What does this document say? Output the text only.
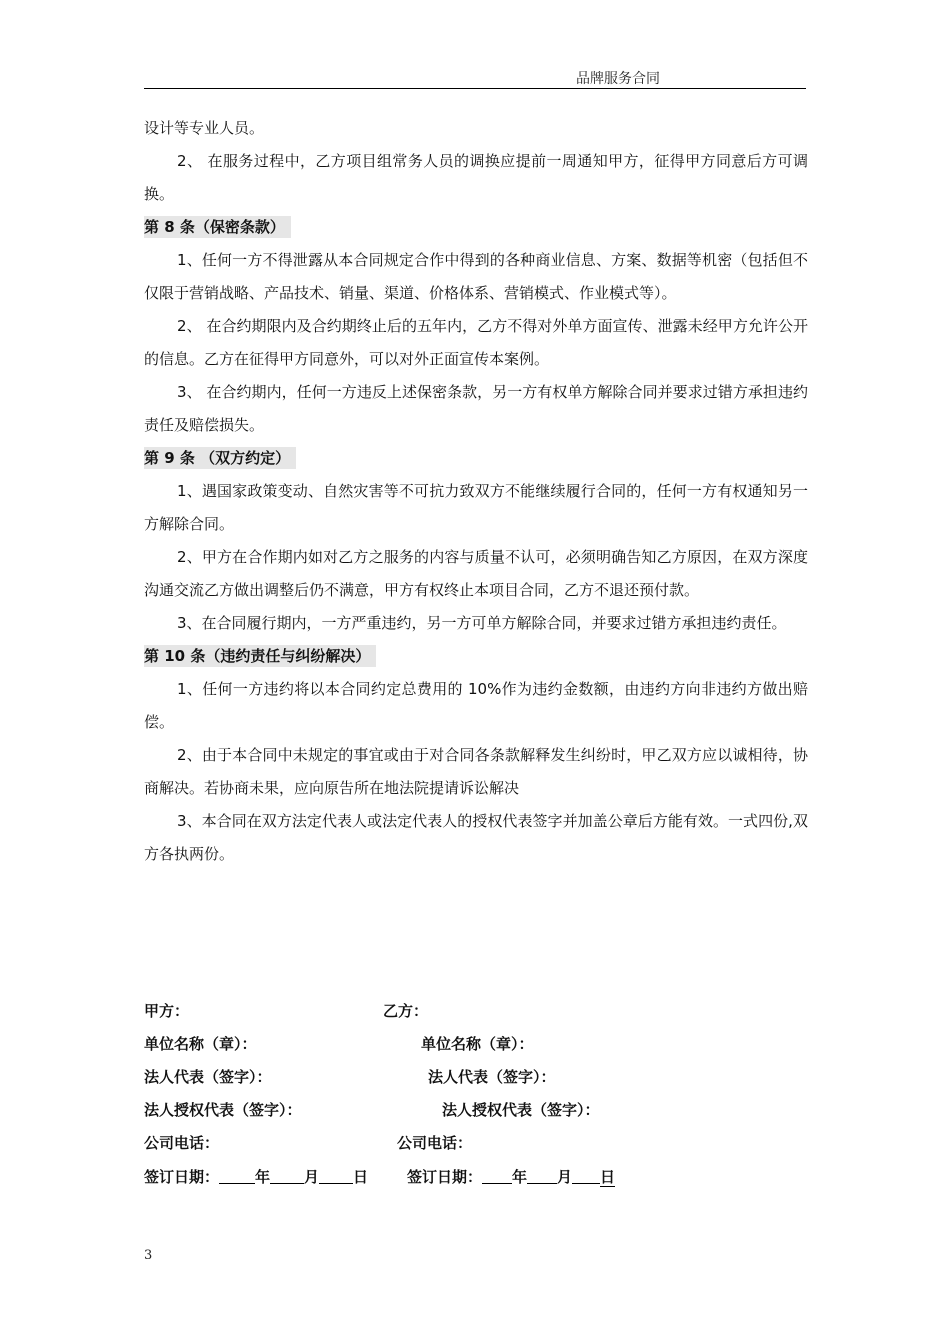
品牌服务合同

设计等专业人员。

2、 在服务过程中，乙方项目组常务人员的调换应提前一周通知甲方，征得甲方同意后方可调换。

第 8 条（保密条款）

1、任何一方不得泄露从本合同规定合作中得到的各种商业信息、方案、数据等机密（包括但不仅限于营销战略、产品技术、销量、渠道、价格体系、营销模式、作业模式等）。

2、 在合约期限内及合约期终止后的五年内，乙方不得对外单方面宣传、泄露未经甲方允许公开的信息。乙方在征得甲方同意外，可以对外正面宣传本案例。

3、 在合约期内，任何一方违反上述保密条款，另一方有权单方解除合同并要求过错方承担违约责任及赔偿损失。

第 9 条 （双方约定）

1、遇国家政策变动、自然灾害等不可抗力致双方不能继续履行合同的，任何一方有权通知另一方解除合同。

2、甲方在合作期内如对乙方之服务的内容与质量不认可，必须明确告知乙方原因，在双方深度沟通交流乙方做出调整后仍不满意，甲方有权终止本项目合同，乙方不退还预付款。

3、在合同履行期内，一方严重违约，另一方可单方解除合同，并要求过错方承担违约责任。

第 10 条（违约责任与纠纷解决）

1、任何一方违约将以本合同约定总费用的 10%作为违约金数额，由违约方向非违约方做出赔偿。

2、由于本合同中未规定的事宜或由于对合同各条款解释发生纠纷时，甲乙双方应以诚相待，协商解决。若协商未果，应向原告所在地法院提请诉讼解决

3、本合同在双方法定代表人或法定代表人的授权代表签字并加盖公章后方能有效。一式四份,双方各执两份。

甲方：	乙方：
单位名称（章）：	单位名称（章）：
法人代表（签字）：	法人代表（签字）：
法人授权代表（签字）：	法人授权代表（签字）：
公司电话：	公司电话：
签订日期： 年 月 日	签订日期： 年 月 日
3
